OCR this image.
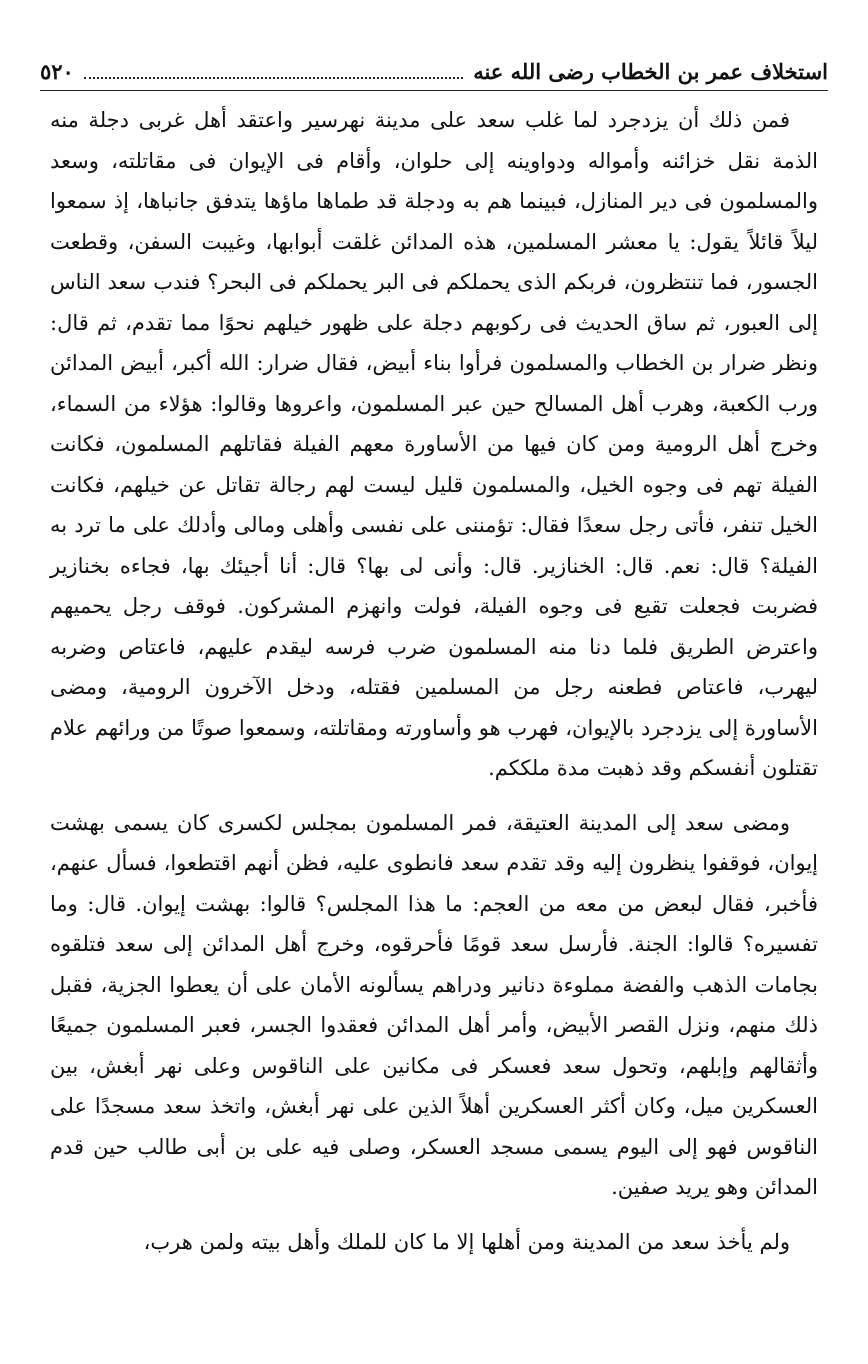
استخلاف عمر بن الخطاب رضى الله عنه
٥٢٠

فمن ذلك أن يزدجرد لما غلب سعد على مدينة نهرسير واعتقد أهل غربى دجلة منه الذمة نقل خزائنه وأمواله ودواوينه إلى حلوان، وأقام فى الإيوان فى مقاتلته، وسعد والمسلمون فى دير المنازل، فبينما هم به ودجلة قد طماها ماؤها يتدفق جانباها، إذ سمعوا ليلاً قائلاً يقول: يا معشر المسلمين، هذه المدائن غلقت أبوابها، وغيبت السفن، وقطعت الجسور، فما تنتظرون، فربكم الذى يحملكم فى البر يحملكم فى البحر؟ فندب سعد الناس إلى العبور، ثم ساق الحديث فى ركوبهم دجلة على ظهور خيلهم نحوًا مما تقدم، ثم قال: ونظر ضرار بن الخطاب والمسلمون فرأوا بناء أبيض، فقال ضرار: الله أكبر، أبيض المدائن ورب الكعبة، وهرب أهل المسالح حين عبر المسلمون، واعروها وقالوا: هؤلاء من السماء، وخرج أهل الرومية ومن كان فيها من الأساورة معهم الفيلة فقاتلهم المسلمون، فكانت الفيلة تهم فى وجوه الخيل، والمسلمون قليل ليست لهم رجالة تقاتل عن خيلهم، فكانت الخيل تنفر، فأتى رجل سعدًا فقال: تؤمننى على نفسى وأهلى ومالى وأدلك على ما ترد به الفيلة؟ قال: نعم. قال: الخنازير. قال: وأنى لى بها؟ قال: أنا أجيئك بها، فجاءه بخنازير فضربت فجعلت تقيع فى وجوه الفيلة، فولت وانهزم المشركون. فوقف رجل يحميهم واعترض الطريق فلما دنا منه المسلمون ضرب فرسه ليقدم عليهم، فاعتاص وضربه ليهرب، فاعتاص فطعنه رجل من المسلمين فقتله، ودخل الآخرون الرومية، ومضى الأساورة إلى يزدجرد بالإيوان، فهرب هو وأساورته ومقاتلته، وسمعوا صوتًا من ورائهم علام تقتلون أنفسكم وقد ذهبت مدة ملككم.

ومضى سعد إلى المدينة العتيقة، فمر المسلمون بمجلس لكسرى كان يسمى بهشت إيوان، فوقفوا ينظرون إليه وقد تقدم سعد فانطوى عليه، فظن أنهم اقتطعوا، فسأل عنهم، فأخبر، فقال لبعض من معه من العجم: ما هذا المجلس؟ قالوا: بهشت إيوان. قال: وما تفسيره؟ قالوا: الجنة. فأرسل سعد قومًا فأحرقوه، وخرج أهل المدائن إلى سعد فتلقوه بجامات الذهب والفضة مملوءة دنانير ودراهم يسألونه الأمان على أن يعطوا الجزية، فقبل ذلك منهم، ونزل القصر الأبيض، وأمر أهل المدائن فعقدوا الجسر، فعبر المسلمون جميعًا وأثقالهم وإبلهم، وتحول سعد فعسكر فى مكانين على الناقوس وعلى نهر أبغش، بين العسكرين ميل، وكان أكثر العسكرين أهلاً الذين على نهر أبغش، واتخذ سعد مسجدًا على الناقوس فهو إلى اليوم يسمى مسجد العسكر، وصلى فيه على بن أبى طالب حين قدم المدائن وهو يريد صفين.

ولم يأخذ سعد من المدينة ومن أهلها إلا ما كان للملك وأهل بيته ولمن هرب،
